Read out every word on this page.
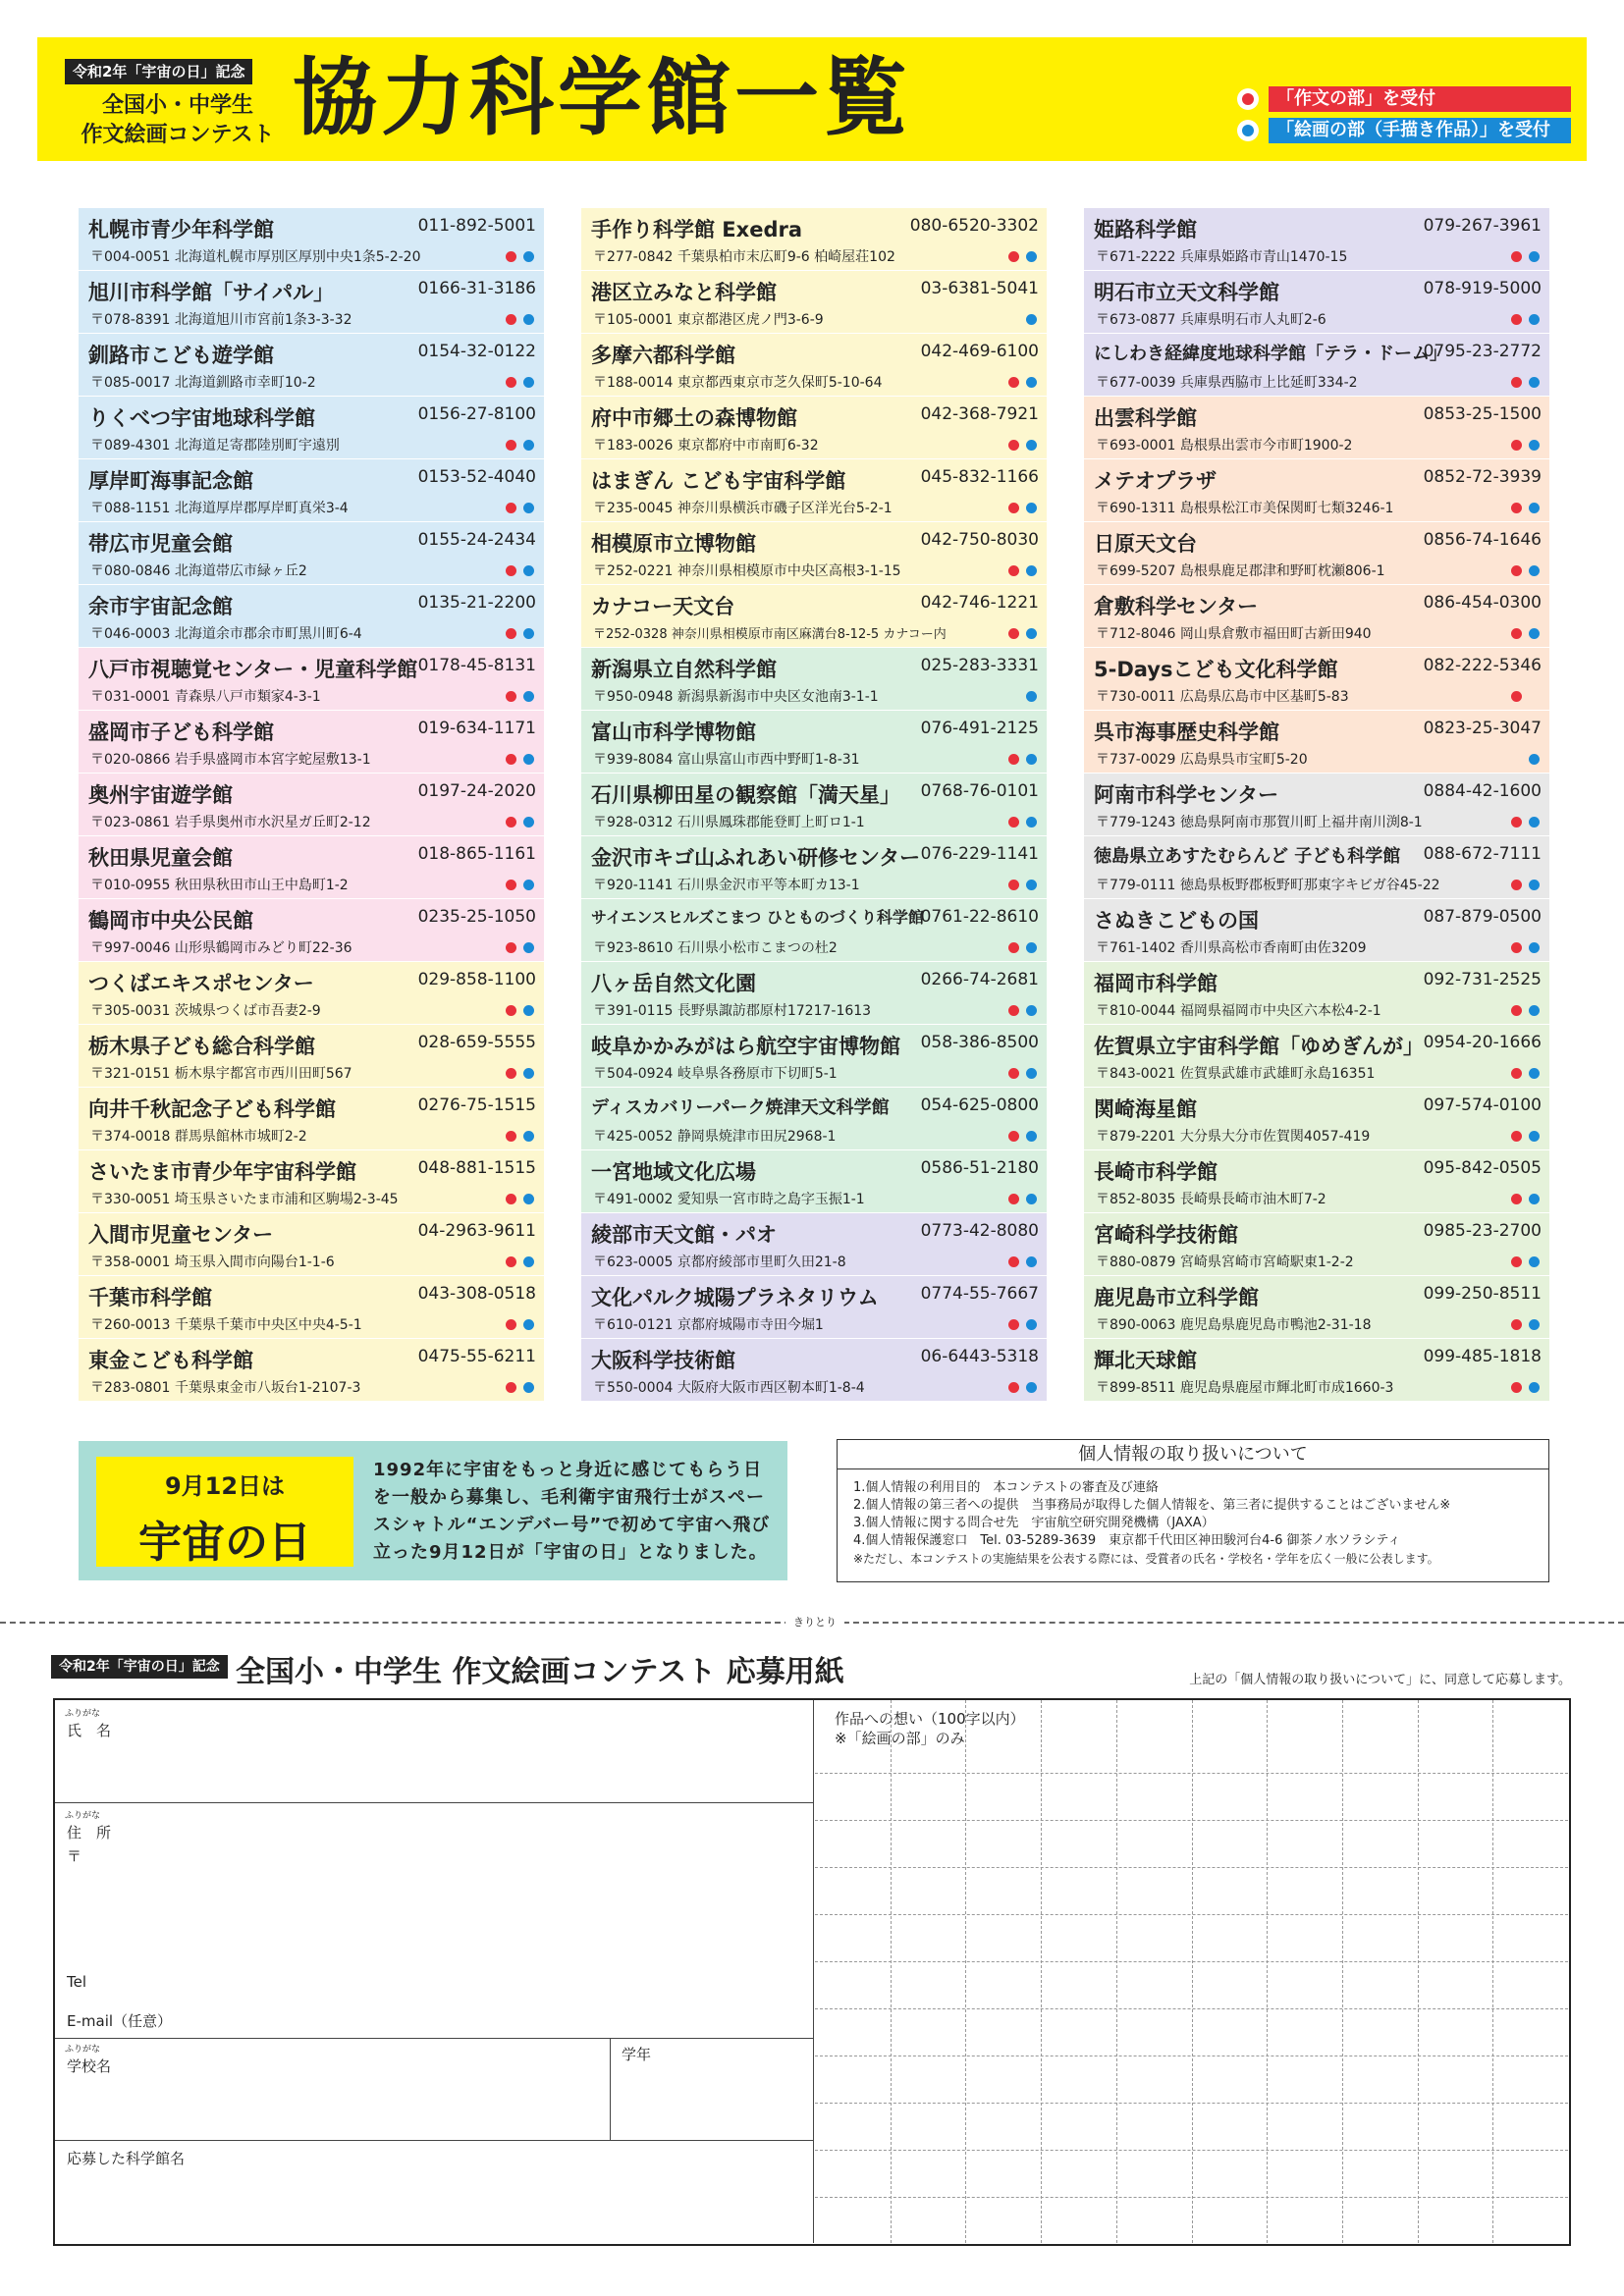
令和2年「宇宙の日」記念
全国小・中学生
作文絵画コンテスト 協力科学館一覧	「作文の部」を受付
「絵画の部（手描き作品）」を受付
札幌市青少年科学館	011-892-5001
〒004-0051 北海道札幌市厚別区厚別中央1条5-2-20
旭川市科学館「サイパル」	0166-31-3186
〒078-8391 北海道旭川市宮前1条3-3-32
釧路市こども遊学館	0154-32-0122
〒085-0017 北海道釧路市幸町10-2
りくべつ宇宙地球科学館	0156-27-8100
〒089-4301 北海道足寄郡陸別町宇遠別
厚岸町海事記念館	0153-52-4040
〒088-1151 北海道厚岸郡厚岸町真栄3-4
帯広市児童会館	0155-24-2434
〒080-0846 北海道帯広市緑ヶ丘2
余市宇宙記念館	0135-21-2200
〒046-0003 北海道余市郡余市町黒川町6-4
八戸市視聴覚センター・児童科学館 0178-45-8131
〒031-0001 青森県八戸市類家4-3-1
盛岡市子ども科学館	019-634-1171
〒020-0866 岩手県盛岡市本宮字蛇屋敷13-1
奥州宇宙遊学館	0197-24-2020
〒023-0861 岩手県奥州市水沢星ガ丘町2-12
秋田県児童会館	018-865-1161
〒010-0955 秋田県秋田市山王中島町1-2
鶴岡市中央公民館	0235-25-1050
〒997-0046 山形県鶴岡市みどり町22-36
つくばエキスポセンター	029-858-1100
〒305-0031 茨城県つくば市吾妻2-9
栃木県子ども総合科学館	028-659-5555
〒321-0151 栃木県宇都宮市西川田町567
向井千秋記念子ども科学館	0276-75-1515
〒374-0018 群馬県館林市城町2-2
さいたま市青少年宇宙科学館	048-881-1515
〒330-0051 埼玉県さいたま市浦和区駒場2-3-45
入間市児童センター	04-2963-9611
〒358-0001 埼玉県入間市向陽台1-1-6
千葉市科学館	043-308-0518
〒260-0013 千葉県千葉市中央区中央4-5-1
東金こども科学館	0475-55-6211
〒283-0801 千葉県東金市八坂台1-2107-3
手作り科学館 Exedra	080-6520-3302
〒277-0842 千葉県柏市末広町9-6 柏崎屋荘102
港区立みなと科学館	03-6381-5041
〒105-0001 東京都港区虎ノ門3-6-9
多摩六都科学館	042-469-6100
〒188-0014 東京都西東京市芝久保町5-10-64
府中市郷土の森博物館	042-368-7921
〒183-0026 東京都府中市南町6-32
はまぎん こども宇宙科学館	045-832-1166
〒235-0045 神奈川県横浜市磯子区洋光台5-2-1
相模原市立博物館	042-750-8030
〒252-0221 神奈川県相模原市中央区高根3-1-15
カナコー天文台	042-746-1221
〒252-0328 神奈川県相模原市南区麻溝台8-12-5 カナコー内
新潟県立自然科学館	025-283-3331
〒950-0948 新潟県新潟市中央区女池南3-1-1
富山市科学博物館	076-491-2125
〒939-8084 富山県富山市西中野町1-8-31
石川県柳田星の観察館「満天星」 0768-76-0101
〒928-0312 石川県鳳珠郡能登町上町ロ1-1
金沢市キゴ山ふれあい研修センター 076-229-1141
〒920-1141 石川県金沢市平等本町カ13-1
サイエンスヒルズこまつ ひとものづくり科学館
0761-22-8610
〒923-8610 石川県小松市こまつの杜2
八ヶ岳自然文化園	0266-74-2681
〒391-0115 長野県諏訪郡原村17217-1613
岐阜かかみがはら航空宇宙博物館 058-386-8500
〒504-0924 岐阜県各務原市下切町5-1
ディスカバリーパーク焼津天文科学館 054-625-0800
〒425-0052 静岡県焼津市田尻2968-1
一宮地域文化広場	0586-51-2180
〒491-0002 愛知県一宮市時之島字玉振1-1
綾部市天文館・パオ	0773-42-8080
〒623-0005 京都府綾部市里町久田21-8
文化パルク城陽プラネタリウム	0774-55-7667
〒610-0121 京都府城陽市寺田今堀1
大阪科学技術館	06-6443-5318
〒550-0004 大阪府大阪市西区靭本町1-8-4
姫路科学館	079-267-3961
〒671-2222 兵庫県姫路市青山1470-15
明石市立天文科学館	078-919-5000
〒673-0877 兵庫県明石市人丸町2-6
にしわき経緯度地球科学館「テラ・ドーム」
0795-23-2772
〒677-0039 兵庫県西脇市上比延町334-2
出雲科学館	0853-25-1500
〒693-0001 島根県出雲市今市町1900-2
メテオプラザ	0852-72-3939
〒690-1311 島根県松江市美保関町七類3246-1
日原天文台	0856-74-1646
〒699-5207 島根県鹿足郡津和野町枕瀬806-1
倉敷科学センター	086-454-0300
〒712-8046 岡山県倉敷市福田町古新田940
5-Daysこども文化科学館	082-222-5346
〒730-0011 広島県広島市中区基町5-83
呉市海事歴史科学館	0823-25-3047
〒737-0029 広島県呉市宝町5-20
阿南市科学センター	0884-42-1600
〒779-1243 徳島県阿南市那賀川町上福井南川渕8-1
徳島県立あすたむらんど 子ども科学館 088-672-7111
〒779-0111 徳島県板野郡板野町那東字キビガ谷45-22
さぬきこどもの国	087-879-0500
〒761-1402 香川県高松市香南町由佐3209
福岡市科学館	092-731-2525
〒810-0044 福岡県福岡市中央区六本松4-2-1
佐賀県立宇宙科学館「ゆめぎんが」 0954-20-1666
〒843-0021 佐賀県武雄市武雄町永島16351
関崎海星館	097-574-0100
〒879-2201 大分県大分市佐賀関4057-419
長崎市科学館	095-842-0505
〒852-8035 長崎県長崎市油木町7-2
宮崎科学技術館	0985-23-2700
〒880-0879 宮崎県宮崎市宮崎駅東1-2-2
鹿児島市立科学館	099-250-8511
〒890-0063 鹿児島県鹿児島市鴨池2-31-18
輝北天球館	099-485-1818
〒899-8511 鹿児島県鹿屋市輝北町市成1660-3
9月12日は
宇宙の日
1992年に宇宙をもっと身近に感じてもらう日を一般から募集し、毛利衛宇宙飛行士がスペースシャトル“エンデバー号”で初めて宇宙へ飛び立った9月12日が「宇宙の日」となりました。
個人情報の取り扱いについて
1.個人情報の利用目的　本コンテストの審査及び連絡
2.個人情報の第三者への提供　当事務局が取得した個人情報を、第三者に提供することはございません※
3.個人情報に関する問合せ先　宇宙航空研究開発機構（JAXA）
4.個人情報保護窓口　Tel. 03-5289-3639　東京都千代田区神田駿河台4-6 御茶ノ水ソラシティ
※ただし、本コンテストの実施結果を公表する際には、受賞者の氏名・学校名・学年を広く一般に公表します。
きりとり
令和2年「宇宙の日」記念 全国小・中学生 作文絵画コンテスト 応募用紙	上記の「個人情報の取り扱いについて」に、同意して応募します。
ふりがな
氏　名
ふりがな
住　所
〒
Tel
E-mail（任意）
ふりがな
学校名
学年
応募した科学館名
作品への想い（100字以内）
※「絵画の部」のみ
